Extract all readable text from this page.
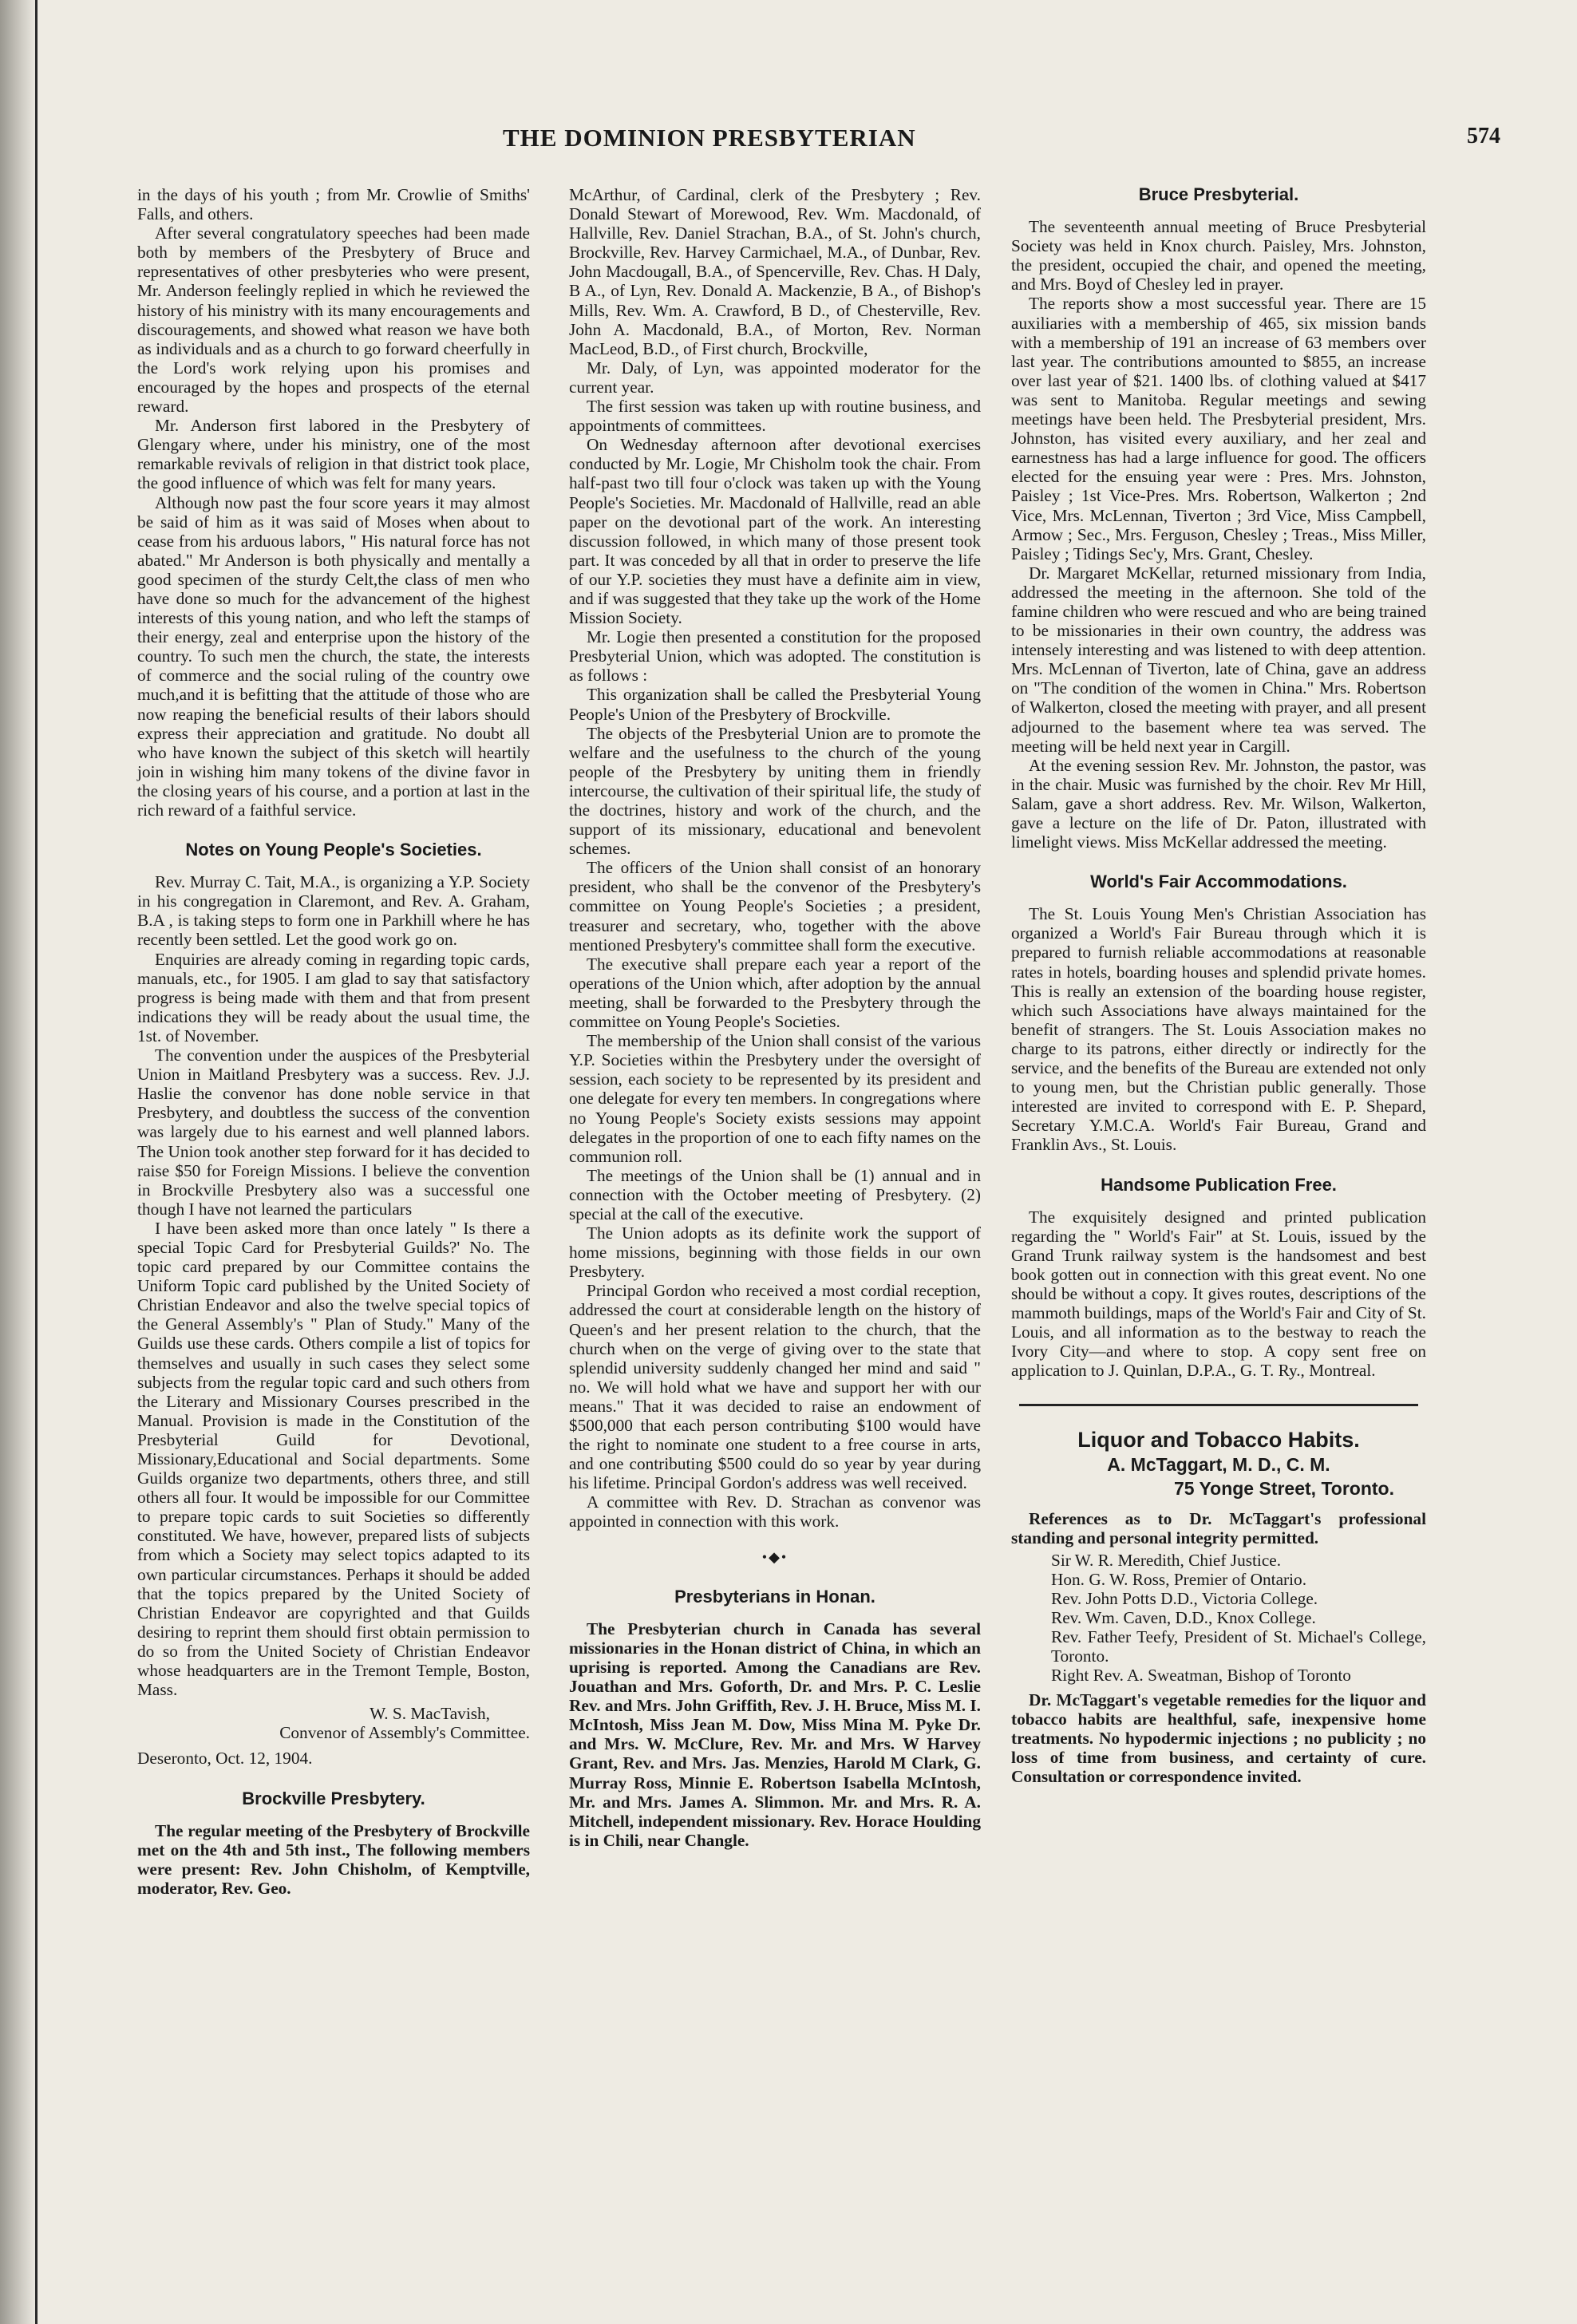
THE DOMINION PRESBYTERIAN	574

in the days of his youth ; from Mr. Crowlie of Smiths' Falls, and others.

After several congratulatory speeches had been made both by members of the Presbytery of Bruce and representatives of other presbyteries who were present, Mr. Anderson feelingly replied in which he reviewed the history of his ministry with its many encouragements and discouragements, and showed what reason we have both as individuals and as a church to go forward cheerfully in the Lord's work relying upon his promises and encouraged by the hopes and prospects of the eternal reward.

Mr. Anderson first labored in the Presbytery of Glengary where, under his ministry, one of the most remarkable revivals of religion in that district took place, the good influence of which was felt for many years.

Although now past the four score years it may almost be said of him as it was said of Moses when about to cease from his arduous labors, " His natural force has not abated." Mr Anderson is both physically and mentally a good specimen of the sturdy Celt,the class of men who have done so much for the advancement of the highest interests of this young nation, and who left the stamps of their energy, zeal and enterprise upon the history of the country. To such men the church, the state, the interests of commerce and the social ruling of the country owe much,and it is befitting that the attitude of those who are now reaping the beneficial results of their labors should express their appreciation and gratitude. No doubt all who have known the subject of this sketch will heartily join in wishing him many tokens of the divine favor in the closing years of his course, and a portion at last in the rich reward of a faithful service.

Notes on Young People's Societies.

Rev. Murray C. Tait, M.A., is organizing a Y.P. Society in his congregation in Claremont, and Rev. A. Graham, B.A , is taking steps to form one in Parkhill where he has recently been settled. Let the good work go on.

Enquiries are already coming in regarding topic cards, manuals, etc., for 1905. I am glad to say that satisfactory progress is being made with them and that from present indications they will be ready about the usual time, the 1st. of November.

The convention under the auspices of the Presbyterial Union in Maitland Presbytery was a success. Rev. J.J. Haslie the convenor has done noble service in that Presbytery, and doubtless the success of the convention was largely due to his earnest and well planned labors. The Union took another step forward for it has decided to raise $50 for Foreign Missions. I believe the convention in Brockville Presbytery also was a successful one though I have not learned the particulars

I have been asked more than once lately " Is there a special Topic Card for Presbyterial Guilds?' No. The topic card prepared by our Committee contains the Uniform Topic card published by the United Society of Christian Endeavor and also the twelve special topics of the General Assembly's " Plan of Study." Many of the Guilds use these cards. Others compile a list of topics for themselves and usually in such cases they select some subjects from the regular topic card and such others from the Literary and Missionary Courses prescribed in the Manual. Provision is made in the Constitution of the Presbyterial Guild for Devotional, Missionary,Educational and Social departments. Some Guilds organize two departments, others three, and still others all four. It would be impossible for our Committee to prepare topic cards to suit Societies so differently constituted. We have, however, prepared lists of subjects from which a Society may select topics adapted to its own particular circumstances. Perhaps it should be added that the topics prepared by the United Society of Christian Endeavor are copyrighted and that Guilds desiring to reprint them should first obtain permission to do so from the United Society of Christian Endeavor whose headquarters are in the Tremont Temple, Boston, Mass.

W. S. MacTavish,

Convenor of Assembly's Committee.

Deseronto, Oct. 12, 1904.

Brockville Presbytery.

The regular meeting of the Presbytery of Brockville met on the 4th and 5th inst., The following members were present: Rev. John Chisholm, of Kemptville, moderator, Rev. Geo.

McArthur, of Cardinal, clerk of the Presbytery ; Rev. Donald Stewart of Morewood, Rev. Wm. Macdonald, of Hallville, Rev. Daniel Strachan, B.A., of St. John's church, Brockville, Rev. Harvey Carmichael, M.A., of Dunbar, Rev. John Macdougall, B.A., of Spencerville, Rev. Chas. H Daly, B A., of Lyn, Rev. Donald A. Mackenzie, B A., of Bishop's Mills, Rev. Wm. A. Crawford, B D., of Chesterville, Rev. John A. Macdonald, B.A., of Morton, Rev. Norman MacLeod, B.D., of First church, Brockville,

Mr. Daly, of Lyn, was appointed moderator for the current year.

The first session was taken up with routine business, and appointments of committees.

On Wednesday afternoon after devotional exercises conducted by Mr. Logie, Mr Chisholm took the chair. From half-past two till four o'clock was taken up with the Young People's Societies. Mr. Macdonald of Hallville, read an able paper on the devotional part of the work. An interesting discussion followed, in which many of those present took part. It was conceded by all that in order to preserve the life of our Y.P. societies they must have a definite aim in view, and if was suggested that they take up the work of the Home Mission Society.

Mr. Logie then presented a constitution for the proposed Presbyterial Union, which was adopted. The constitution is as follows :

This organization shall be called the Presbyterial Young People's Union of the Presbytery of Brockville.

The objects of the Presbyterial Union are to promote the welfare and the usefulness to the church of the young people of the Presbytery by uniting them in friendly intercourse, the cultivation of their spiritual life, the study of the doctrines, history and work of the church, and the support of its missionary, educational and benevolent schemes.

The officers of the Union shall consist of an honorary president, who shall be the convenor of the Presbytery's committee on Young People's Societies ; a president, treasurer and secretary, who, together with the above mentioned Presbytery's committee shall form the executive.

The executive shall prepare each year a report of the operations of the Union which, after adoption by the annual meeting, shall be forwarded to the Presbytery through the committee on Young People's Societies.

The membership of the Union shall consist of the various Y.P. Societies within the Presbytery under the oversight of session, each society to be represented by its president and one delegate for every ten members. In congregations where no Young People's Society exists sessions may appoint delegates in the proportion of one to each fifty names on the communion roll.

The meetings of the Union shall be (1) annual and in connection with the October meeting of Presbytery. (2) special at the call of the executive.

The Union adopts as its definite work the support of home missions, beginning with those fields in our own Presbytery.

Principal Gordon who received a most cordial reception, addressed the court at considerable length on the history of Queen's and her present relation to the church, that the church when on the verge of giving over to the state that splendid university suddenly changed her mind and said " no. We will hold what we have and support her with our means." That it was decided to raise an endowment of $500,000 that each person contributing $100 would have the right to nominate one student to a free course in arts, and one contributing $500 could do so year by year during his lifetime. Principal Gordon's address was well received.

A committee with Rev. D. Strachan as convenor was appointed in connection with this work.

•◆•
Presbyterians in Honan.

The Presbyterian church in Canada has several missionaries in the Honan district of China, in which an uprising is reported. Among the Canadians are Rev. Jouathan and Mrs. Goforth, Dr. and Mrs. P. C. Leslie Rev. and Mrs. John Griffith, Rev. J. H. Bruce, Miss M. I. McIntosh, Miss Jean M. Dow, Miss Mina M. Pyke Dr. and Mrs. W. McClure, Rev. Mr. and Mrs. W Harvey Grant, Rev. and Mrs. Jas. Menzies, Harold M Clark, G. Murray Ross, Minnie E. Robertson Isabella McIntosh, Mr. and Mrs. James A. Slimmon. Mr. and Mrs. R. A. Mitchell, independent missionary. Rev. Horace Houlding is in Chili, near Changle.

Bruce Presbyterial.

The seventeenth annual meeting of Bruce Presbyterial Society was held in Knox church. Paisley, Mrs. Johnston, the president, occupied the chair, and opened the meeting, and Mrs. Boyd of Chesley led in prayer.

The reports show a most successful year. There are 15 auxiliaries with a membership of 465, six mission bands with a membership of 191 an increase of 63 members over last year. The contributions amounted to $855, an increase over last year of $21. 1400 lbs. of clothing valued at $417 was sent to Manitoba. Regular meetings and sewing meetings have been held. The Presbyterial president, Mrs. Johnston, has visited every auxiliary, and her zeal and earnestness has had a large influence for good. The officers elected for the ensuing year were : Pres. Mrs. Johnston, Paisley ; 1st Vice-Pres. Mrs. Robertson, Walkerton ; 2nd Vice, Mrs. McLennan, Tiverton ; 3rd Vice, Miss Campbell, Armow ; Sec., Mrs. Ferguson, Chesley ; Treas., Miss Miller, Paisley ; Tidings Sec'y, Mrs. Grant, Chesley.

Dr. Margaret McKellar, returned missionary from India, addressed the meeting in the afternoon. She told of the famine children who were rescued and who are being trained to be missionaries in their own country, the address was intensely interesting and was listened to with deep attention. Mrs. McLennan of Tiverton, late of China, gave an address on "The condition of the women in China." Mrs. Robertson of Walkerton, closed the meeting with prayer, and all present adjourned to the basement where tea was served. The meeting will be held next year in Cargill.

At the evening session Rev. Mr. Johnston, the pastor, was in the chair. Music was furnished by the choir. Rev Mr Hill, Salam, gave a short address. Rev. Mr. Wilson, Walkerton, gave a lecture on the life of Dr. Paton, illustrated with limelight views. Miss McKellar addressed the meeting.

World's Fair Accommodations.

The St. Louis Young Men's Christian Association has organized a World's Fair Bureau through which it is prepared to furnish reliable accommodations at reasonable rates in hotels, boarding houses and splendid private homes. This is really an extension of the boarding house register, which such Associations have always maintained for the benefit of strangers. The St. Louis Association makes no charge to its patrons, either directly or indirectly for the service, and the benefits of the Bureau are extended not only to young men, but the Christian public generally. Those interested are invited to correspond with E. P. Shepard, Secretary Y.M.C.A. World's Fair Bureau, Grand and Franklin Avs., St. Louis.

Handsome Publication Free.

The exquisitely designed and printed publication regarding the " World's Fair" at St. Louis, issued by the Grand Trunk railway system is the handsomest and best book gotten out in connection with this great event. No one should be without a copy. It gives routes, descriptions of the mammoth buildings, maps of the World's Fair and City of St. Louis, and all information as to the bestway to reach the Ivory City—and where to stop. A copy sent free on application to J. Quinlan, D.P.A., G. T. Ry., Montreal.

Liquor and Tobacco Habits.
A. McTaggart, M. D., C. M.
75 Yonge Street, Toronto.

References as to Dr. McTaggart's professional standing and personal integrity permitted.

Sir W. R. Meredith, Chief Justice.
Hon. G. W. Ross, Premier of Ontario.
Rev. John Potts D.D., Victoria College.
Rev. Wm. Caven, D.D., Knox College.
Rev. Father Teefy, President of St. Michael's College, Toronto.
Right Rev. A. Sweatman, Bishop of Toronto

Dr. McTaggart's vegetable remedies for the liquor and tobacco habits are healthful, safe, inexpensive home treatments. No hypodermic injections ; no publicity ; no loss of time from business, and certainty of cure. Consultation or correspondence invited.
